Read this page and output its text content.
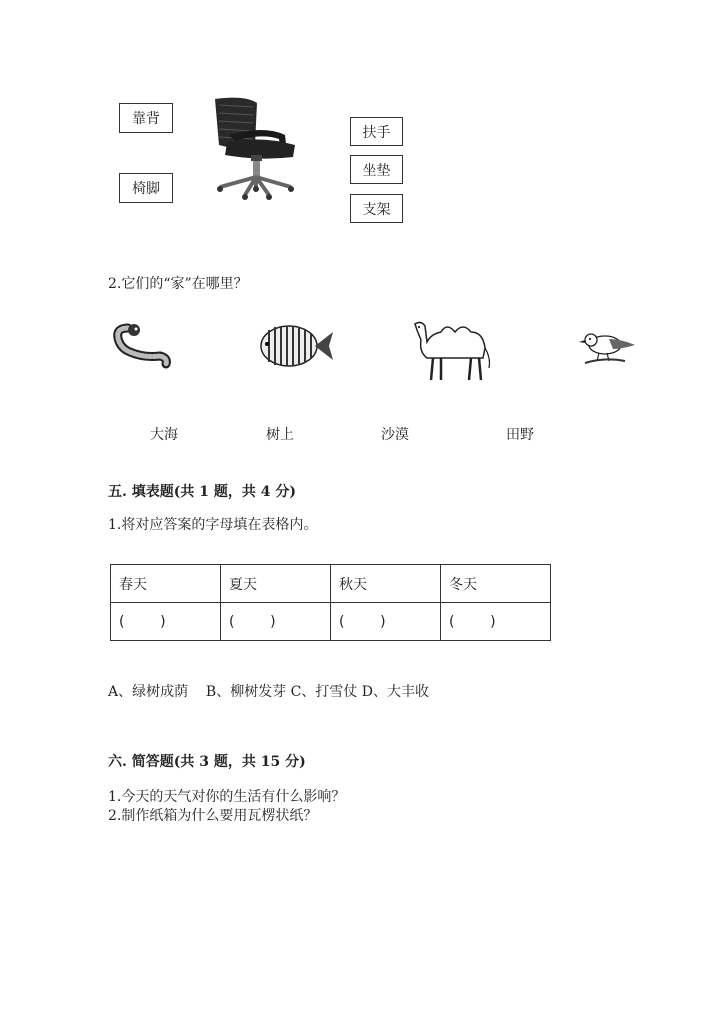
靠背
椅脚
扶手
坐垫
支架
2.它们的“家”在哪里？
大海	树上	沙漠	田野
五. 填表题(共 1 题，共 4 分)
1.将对应答案的字母填在表格内。
春天	夏天	秋天	冬天
(        )	(        )	(        )	(        )
A、绿树成荫    B、柳树发芽 C、打雪仗 D、大丰收
六. 简答题(共 3 题，共 15 分)
1.今天的天气对你的生活有什么影响？
2.制作纸箱为什么要用瓦楞状纸？
